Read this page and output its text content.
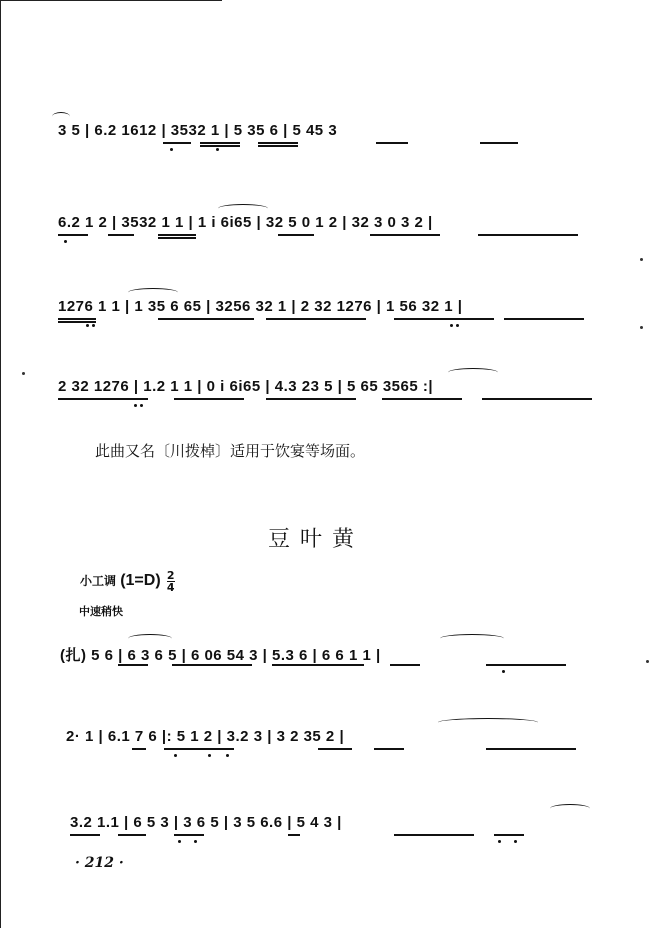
3 5 | 6.2 1612 | 3532 1 | 5 35 6 | 5 45 3
6.2 1 2 | 3532 1 1 | 1 i 6i65 | 32 5 0 1 2 | 32 3 0 3 2 |
1276 1 1 | 1 35 6 65 | 3256 32 1 | 2 32 1276 | 1 56 32 1 |
2 32 1276 | 1.2 1 1 | 0 i 6i65 | 4.3 23 5 | 5 65 3565 :|
此曲又名〔川拨棹〕适用于饮宴等场面。
豆叶黄
小工调 $(1=D) \frac{2}{4}$
中速稍快
(扎) 5 6 | 6 3 6 5 | 6 06 54 3 | 5.3 6 | 6 6 1 1 |
2· 1 | 6.1 7 6 |: 5 1 2 | 3.2 3 | 3 2 35 2 |
3.2 1.1 | 6 5 3 | 3 6 5 | 3 5 6.6 | 5 4 3 |
· 212 ·
